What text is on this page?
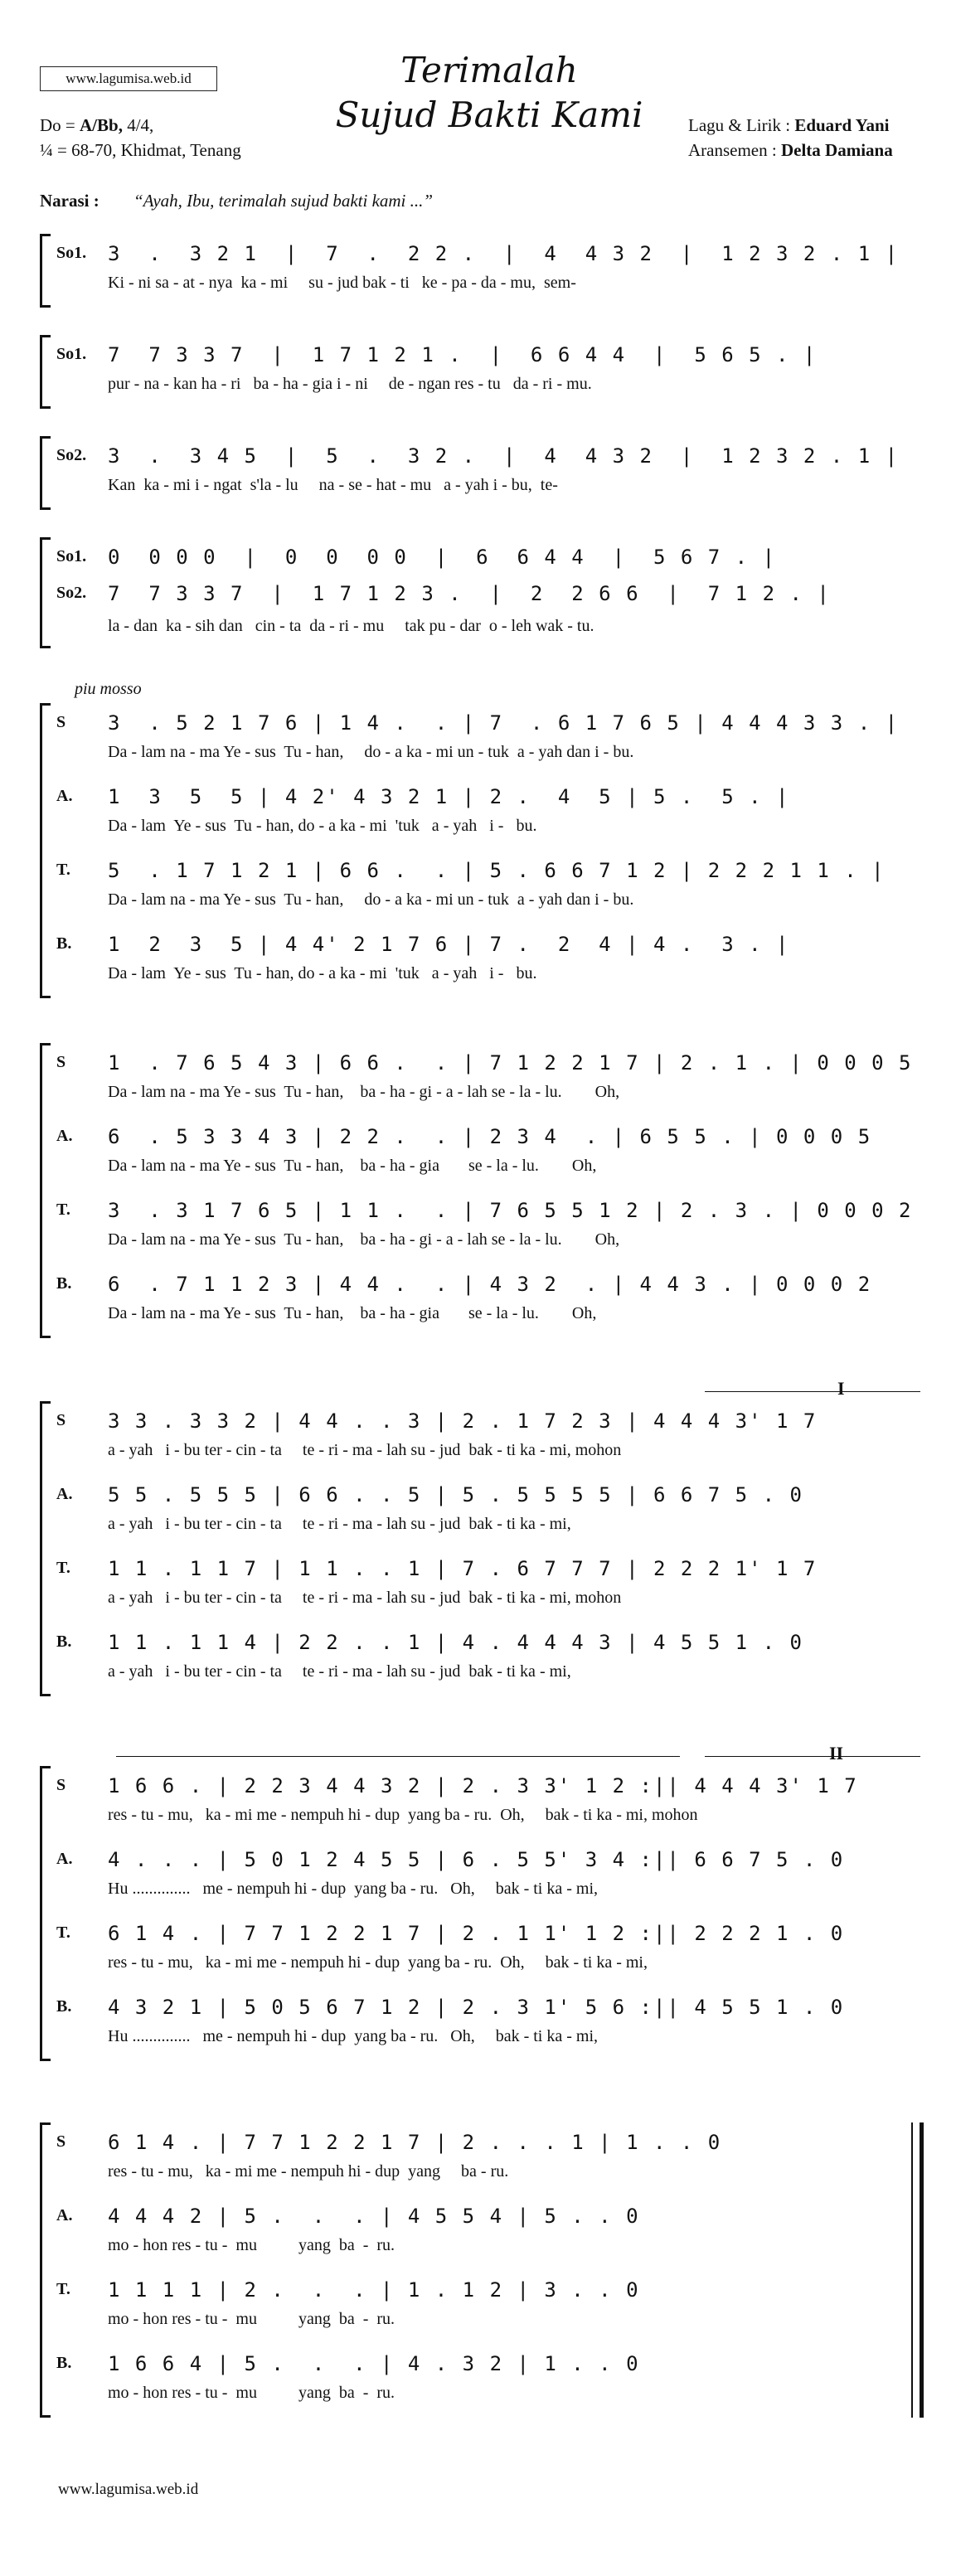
www.lagumisa.web.id	Terimalah
Sujud Bakti Kami
Do = A/Bb, 4/4,
¼ = 68-70, Khidmat, Tenang
Lagu & Lirik : Eduard Yani
Aransemen : Delta Damiana
Narasi : “Ayah, Ibu, terimalah sujud bakti kami ...”
piu mosso
I
II
So1. 3  .  3 2 1  |  7  .  2 2 .  |  4  4 3 2  |  1 2 3 2 . 1 |
Ki - ni sa - at - nya  ka - mi     su - jud bak - ti   ke - pa - da - mu,  sem-
So1. 7  7 3 3 7  |  1 7 1 2 1 .  |  6 6 4 4  |  5 6 5 . |
pur - na - kan ha - ri   ba - ha - gia i - ni     de - ngan res - tu   da - ri - mu.
So2. 3  .  3 4 5  |  5  .  3 2 .  |  4  4 3 2  |  1 2 3 2 . 1 |
Kan  ka - mi i - ngat  s'la - lu     na - se - hat - mu   a - yah i - bu,  te-
So1. 0  0 0 0  |  0  0  0 0  |  6  6 4 4  |  5 6 7 . |
So2. 7  7 3 3 7  |  1 7 1 2 3 .  |  2  2 6 6  |  7 1 2 . |
la - dan  ka - sih dan   cin - ta  da - ri - mu     tak pu - dar  o - leh wak - tu.
S 3  . 5 2 1 7 6 | 1 4 .  . | 7  . 6 1 7 6 5 | 4 4 4 3 3 . |
Da - lam na - ma Ye - sus  Tu - han,     do - a ka - mi un - tuk  a - yah dan i - bu.
A. 1  3  5  5 | 4 2' 4 3 2 1 | 2 .  4  5 | 5 .  5 . |
Da - lam  Ye - sus  Tu - han, do - a ka - mi  'tuk   a - yah   i -   bu.
T. 5  . 1 7 1 2 1 | 6 6 .  . | 5 . 6 6 7 1 2 | 2 2 2 1 1 . |
Da - lam na - ma Ye - sus  Tu - han,     do - a ka - mi un - tuk  a - yah dan i - bu.
B. 1  2  3  5 | 4 4' 2 1 7 6 | 7 .  2  4 | 4 .  3 . |
Da - lam  Ye - sus  Tu - han, do - a ka - mi  'tuk   a - yah   i -   bu.
S 1  . 7 6 5 4 3 | 6 6 .  . | 7 1 2 2 1 7 | 2 . 1 . | 0 0 0 5
Da - lam na - ma Ye - sus  Tu - han,    ba - ha - gi - a - lah se - la - lu.        Oh,
A. 6  . 5 3 3 4 3 | 2 2 .  . | 2 3 4  . | 6 5 5 . | 0 0 0 5
Da - lam na - ma Ye - sus  Tu - han,    ba - ha - gia       se - la - lu.        Oh,
T. 3  . 3 1 7 6 5 | 1 1 .  . | 7 6 5 5 1 2 | 2 . 3 . | 0 0 0 2
Da - lam na - ma Ye - sus  Tu - han,    ba - ha - gi - a - lah se - la - lu.        Oh,
B. 6  . 7 1 1 2 3 | 4 4 .  . | 4 3 2  . | 4 4 3 . | 0 0 0 2
Da - lam na - ma Ye - sus  Tu - han,    ba - ha - gia       se - la - lu.        Oh,
S 3 3 . 3 3 2 | 4 4 . . 3 | 2 . 1 7 2 3 | 4 4 4 3' 1 7
a - yah   i - bu ter - cin - ta     te - ri - ma - lah su - jud  bak - ti ka - mi, mohon
A. 5 5 . 5 5 5 | 6 6 . . 5 | 5 . 5 5 5 5 | 6 6 7 5 . 0
a - yah   i - bu ter - cin - ta     te - ri - ma - lah su - jud  bak - ti ka - mi,
T. 1 1 . 1 1 7 | 1 1 . . 1 | 7 . 6 7 7 7 | 2 2 2 1' 1 7
a - yah   i - bu ter - cin - ta     te - ri - ma - lah su - jud  bak - ti ka - mi, mohon
B. 1 1 . 1 1 4 | 2 2 . . 1 | 4 . 4 4 4 3 | 4 5 5 1 . 0
a - yah   i - bu ter - cin - ta     te - ri - ma - lah su - jud  bak - ti ka - mi,
S 1 6 6 . | 2 2 3 4 4 3 2 | 2 . 3 3' 1 2 :|| 4 4 4 3' 1 7
res - tu - mu,   ka - mi me - nempuh hi - dup  yang ba - ru.  Oh,     bak - ti ka - mi, mohon
A. 4 . . . | 5 0 1 2 4 5 5 | 6 . 5 5' 3 4 :|| 6 6 7 5 . 0
Hu ..............   me - nempuh hi - dup  yang ba - ru.   Oh,     bak - ti ka - mi,
T. 6 1 4 . | 7 7 1 2 2 1 7 | 2 . 1 1' 1 2 :|| 2 2 2 1 . 0
res - tu - mu,   ka - mi me - nempuh hi - dup  yang ba - ru.  Oh,     bak - ti ka - mi,
B. 4 3 2 1 | 5 0 5 6 7 1 2 | 2 . 3 1' 5 6 :|| 4 5 5 1 . 0
Hu ..............   me - nempuh hi - dup  yang ba - ru.   Oh,     bak - ti ka - mi,
S 6 1 4 . | 7 7 1 2 2 1 7 | 2 . . . 1 | 1 . . 0
res - tu - mu,   ka - mi me - nempuh hi - dup  yang     ba - ru.
A. 4 4 4 2 | 5 .  .  . | 4 5 5 4 | 5 . . 0
mo - hon res - tu -  mu          yang  ba  -  ru.
T. 1 1 1 1 | 2 .  .  . | 1 . 1 2 | 3 . . 0
mo - hon res - tu -  mu          yang  ba  -  ru.
B. 1 6 6 4 | 5 .  .  . | 4 . 3 2 | 1 . . 0
mo - hon res - tu -  mu          yang  ba  -  ru.
www.lagumisa.web.id
